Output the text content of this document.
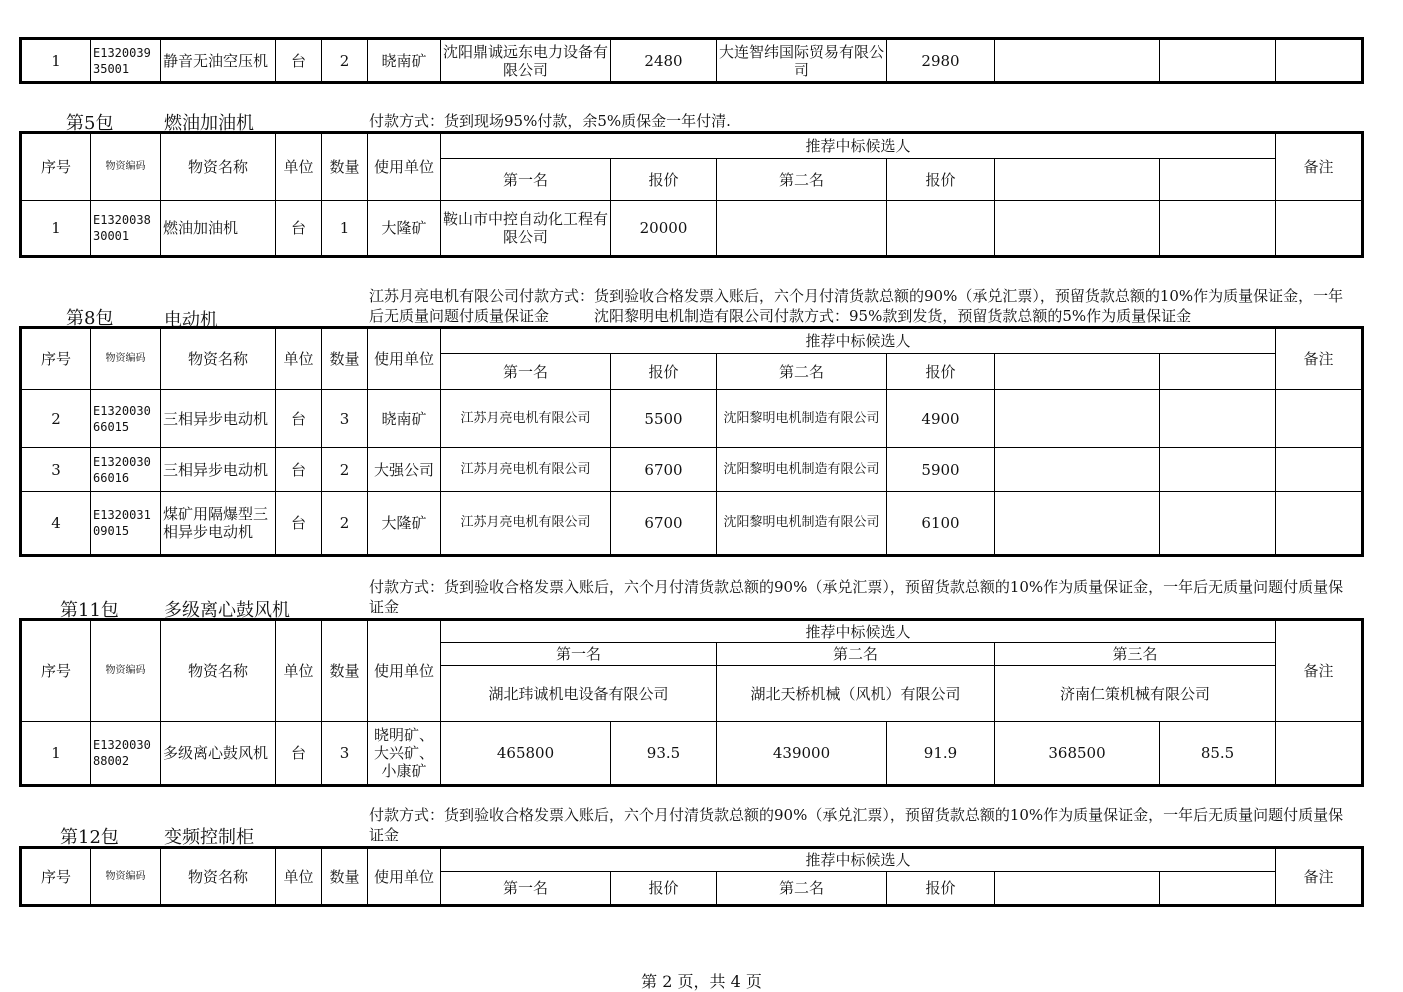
1	E132003935001	静音无油空压机	台	2	晓南矿	沈阳鼎诚远东电力设备有限公司	2480	大连智纬国际贸易有限公司	2980			
第5包	燃油加油机	付款方式：货到现场95%付款，余5%质保金一年付清.
序号	物资编码	物资名称	单位	数量	使用单位	推荐中标候选人						备注
						第一名	报价	第二名	报价			
1	E132003830001	燃油加油机	台	1	大隆矿	鞍山市中控自动化工程有限公司	20000					
第8包	电动机
江苏月亮电机有限公司付款方式：货到验收合格发票入账后，六个月付清货款总额的90%（承兑汇票），预留货款总额的10%作为质量保证金，一年后无质量问题付质量保证金　　　沈阳黎明电机制造有限公司付款方式：95%款到发货，预留货款总额的5%作为质量保证金
序号	物资编码	物资名称	单位	数量	使用单位	推荐中标候选人						备注
						第一名	报价	第二名	报价			
2	E132003066015	三相异步电动机	台	3	晓南矿	江苏月亮电机有限公司	5500	沈阳黎明电机制造有限公司	4900			
3	E132003066016	三相异步电动机	台	2	大强公司	江苏月亮电机有限公司	6700	沈阳黎明电机制造有限公司	5900			
4	E132003109015	煤矿用隔爆型三相异步电动机	台	2	大隆矿	江苏月亮电机有限公司	6700	沈阳黎明电机制造有限公司	6100			
第11包	多级离心鼓风机
付款方式：货到验收合格发票入账后，六个月付清货款总额的90%（承兑汇票），预留货款总额的10%作为质量保证金，一年后无质量问题付质量保证金
序号	物资编码	物资名称	单位	数量	使用单位	推荐中标候选人						备注
						第一名		第二名		第三名		
						湖北玮诚机电设备有限公司		湖北天桥机械（风机）有限公司		济南仁策机械有限公司		
1	E132003088002	多级离心鼓风机	台	3	晓明矿、大兴矿、小康矿	465800	93.5	439000	91.9	368500	85.5	
第12包	变频控制柜
付款方式：货到验收合格发票入账后，六个月付清货款总额的90%（承兑汇票），预留货款总额的10%作为质量保证金，一年后无质量问题付质量保证金
序号	物资编码	物资名称	单位	数量	使用单位	推荐中标候选人						备注
						第一名	报价	第二名	报价			
第 2 页，共 4 页
